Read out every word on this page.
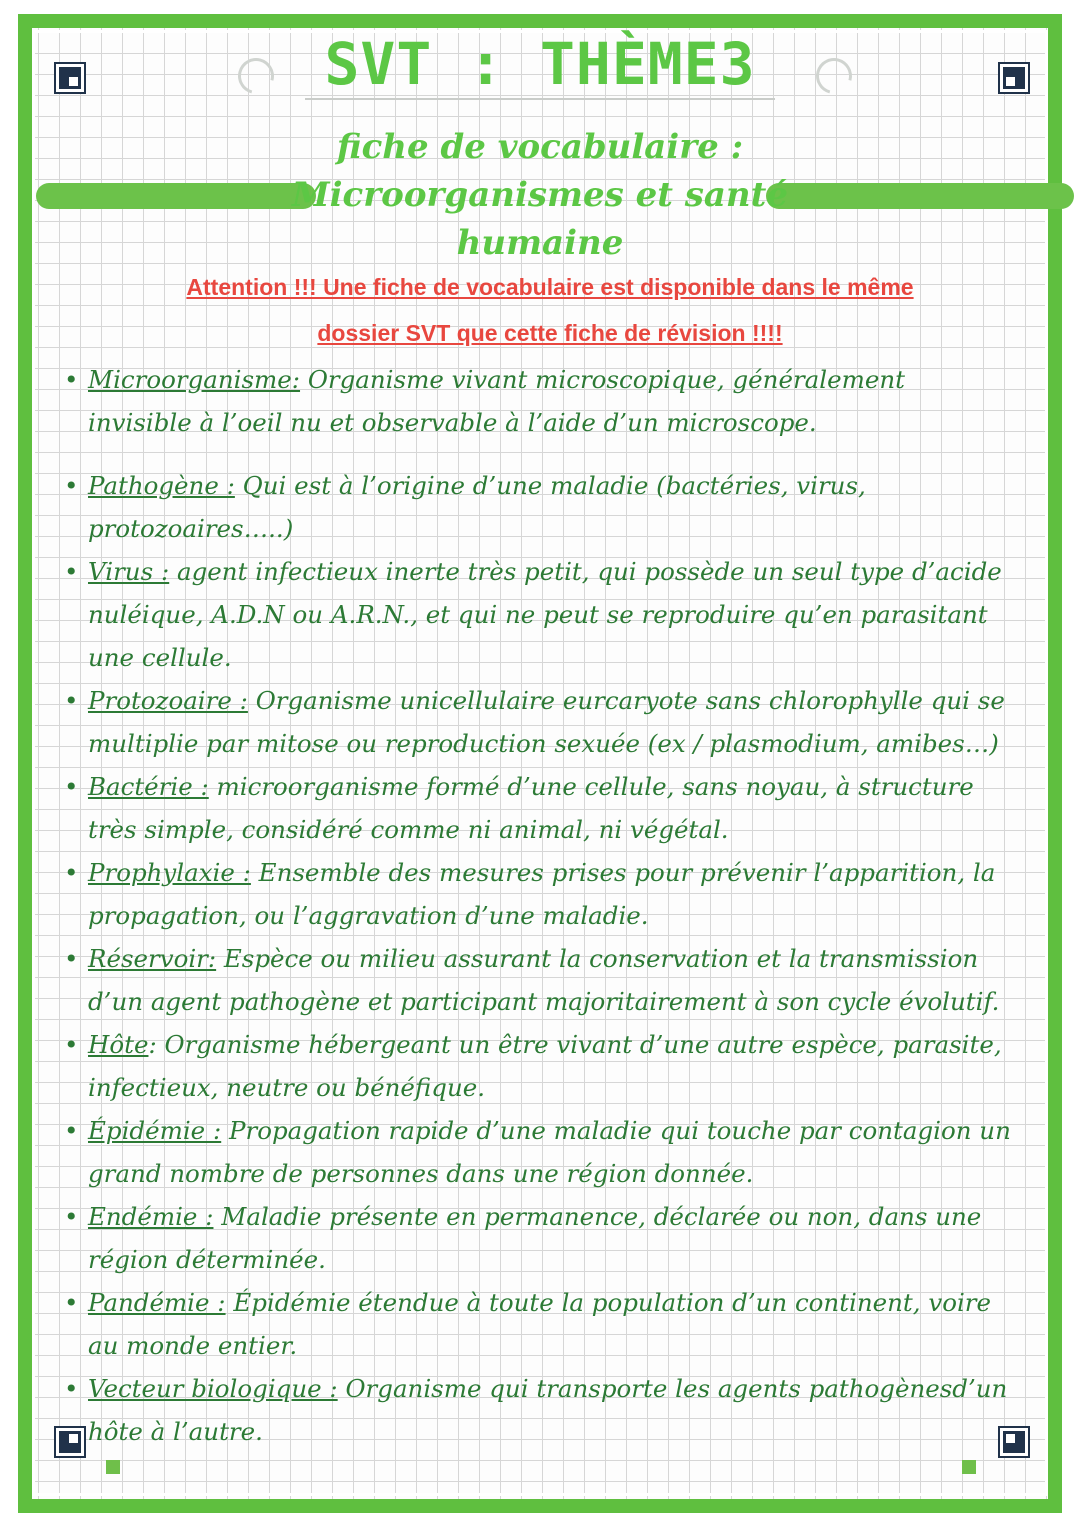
SVT : THÈME3
fiche de vocabulaire :
Microorganismes et santé
humaine
Attention !!! Une fiche de vocabulaire est disponible dans le même
dossier SVT que cette fiche de révision !!!!
• Microorganisme: Organisme vivant microscopique, généralement invisible à l’oeil nu et observable à l’aide d’un microscope.
• Pathogène : Qui est à l’origine d’une maladie (bactéries, virus, protozoaires…..)
• Virus : agent infectieux inerte très petit, qui possède un seul type d’acide nuléique, A.D.N ou A.R.N., et qui ne peut se reproduire qu’en parasitant une cellule.
• Protozoaire : Organisme unicellulaire eurcaryote sans chlorophylle qui se multiplie par mitose ou reproduction sexuée (ex / plasmodium, amibes…)
• Bactérie : microorganisme formé d’une cellule, sans noyau, à structure très simple, considéré comme ni animal, ni végétal.
• Prophylaxie : Ensemble des mesures prises pour prévenir l’apparition, la propagation, ou l’aggravation d’une maladie.
• Réservoir: Espèce ou milieu assurant la conservation et la transmission d’un agent pathogène et participant majoritairement à son cycle évolutif.
• Hôte: Organisme hébergeant un être vivant d’une autre espèce, parasite, infectieux, neutre ou bénéfique.
• Épidémie : Propagation rapide d’une maladie qui touche par contagion un grand nombre de personnes dans une région donnée.
• Endémie : Maladie présente en permanence, déclarée ou non, dans une région déterminée.
• Pandémie : Épidémie étendue à toute la population d’un continent, voire au monde entier.
• Vecteur biologique : Organisme qui transporte les agents pathogènesd’un hôte à l’autre.
